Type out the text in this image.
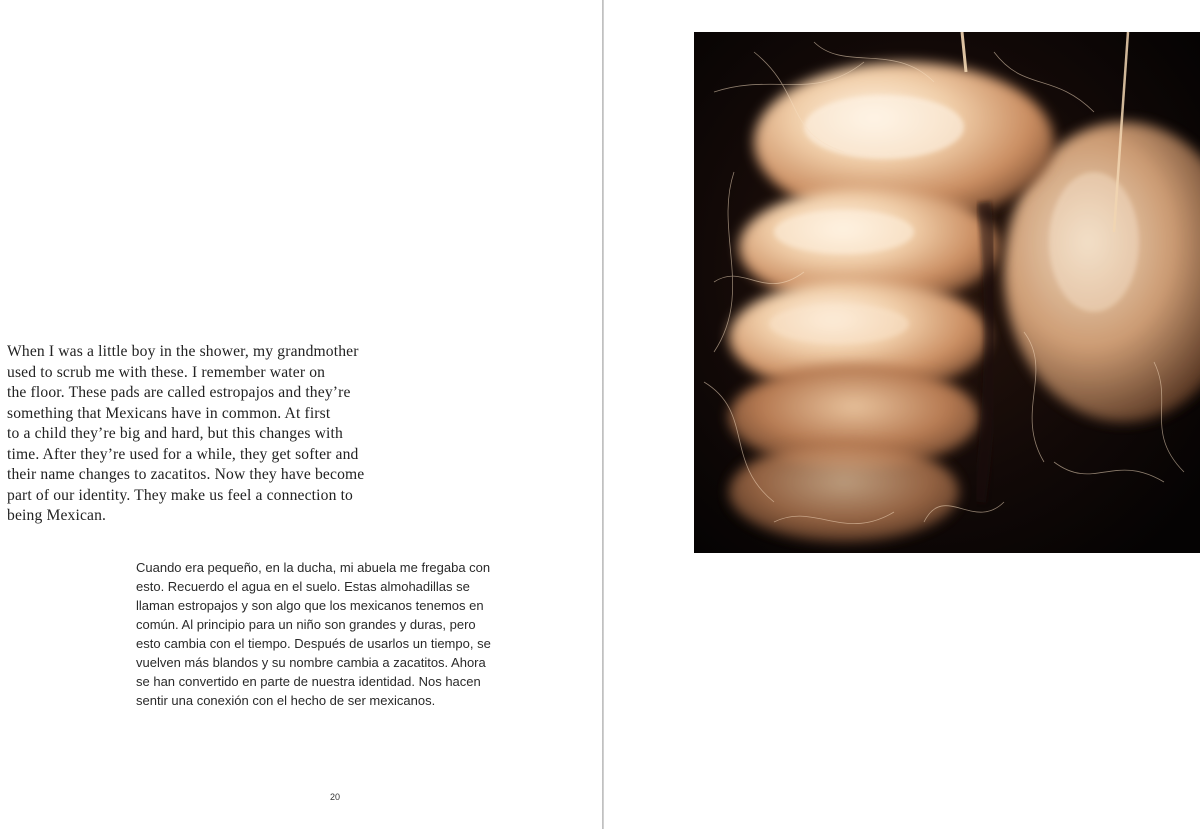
When I was a little boy in the shower, my grandmother
used to scrub me with these. I remember water on
the floor. These pads are called estropajos and they’re
something that Mexicans have in common. At first
to a child they’re big and hard, but this changes with
time. After they’re used for a while, they get softer and
their name changes to zacatitos. Now they have become
part of our identity. They make us feel a connection to
being Mexican.

Cuando era pequeño, en la ducha, mi abuela me fregaba con
esto. Recuerdo el agua en el suelo. Estas almohadillas se
llaman estropajos y son algo que los mexicanos tenemos en
común. Al principio para un niño son grandes y duras, pero
esto cambia con el tiempo. Después de usarlos un tiempo, se
vuelven más blandos y su nombre cambia a zacatitos. Ahora
se han convertido en parte de nuestra identidad. Nos hacen
sentir una conexión con el hecho de ser mexicanos.

20
